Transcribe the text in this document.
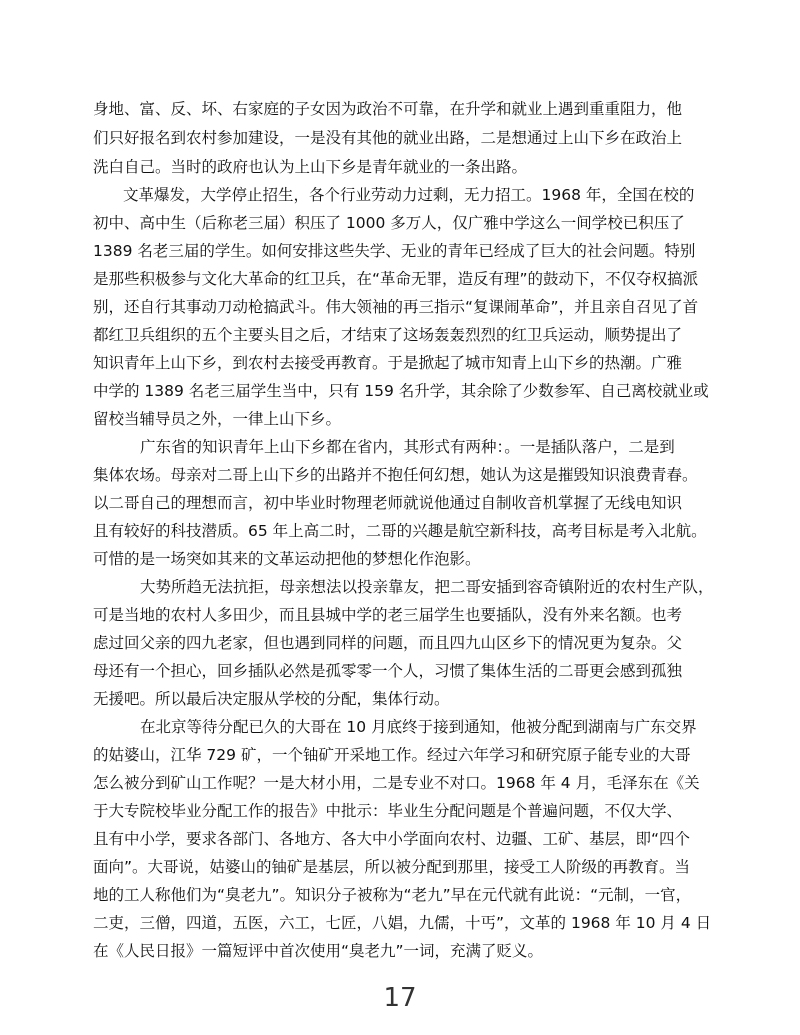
身地、富、反、坏、右家庭的子女因为政治不可靠，在升学和就业上遇到重重阻力，他
们只好报名到农村参加建设，一是没有其他的就业出路，二是想通过上山下乡在政治上
洗白自己。当时的政府也认为上山下乡是青年就业的一条出路。
文革爆发，大学停止招生，各个行业劳动力过剩，无力招工。1968 年，全国在校的
初中、高中生（后称老三届）积压了 1000 多万人，仅广雅中学这么一间学校已积压了
1389 名老三届的学生。如何安排这些失学、无业的青年已经成了巨大的社会问题。特别
是那些积极参与文化大革命的红卫兵，在“革命无罪，造反有理”的鼓动下，不仅夺权搞派
别，还自行其事动刀动枪搞武斗。伟大领袖的再三指示“复课闹革命”，并且亲自召见了首
都红卫兵组织的五个主要头目之后，才结束了这场轰轰烈烈的红卫兵运动，顺势提出了
知识青年上山下乡，到农村去接受再教育。于是掀起了城市知青上山下乡的热潮。广雅
中学的 1389 名老三届学生当中，只有 159 名升学，其余除了少数参军、自己离校就业或
留校当辅导员之外，一律上山下乡。
广东省的知识青年上山下乡都在省内，其形式有两种：。一是插队落户，二是到
集体农场。母亲对二哥上山下乡的出路并不抱任何幻想，她认为这是摧毁知识浪费青春。
以二哥自己的理想而言，初中毕业时物理老师就说他通过自制收音机掌握了无线电知识
且有较好的科技潜质。65 年上高二时，二哥的兴趣是航空新科技，高考目标是考入北航。
可惜的是一场突如其来的文革运动把他的梦想化作泡影。
大势所趋无法抗拒，母亲想法以投亲靠友，把二哥安插到容奇镇附近的农村生产队，
可是当地的农村人多田少，而且县城中学的老三届学生也要插队，没有外来名额。也考
虑过回父亲的四九老家，但也遇到同样的问题，而且四九山区乡下的情况更为复杂。父
母还有一个担心，回乡插队必然是孤零零一个人，习惯了集体生活的二哥更会感到孤独
无援吧。所以最后决定服从学校的分配，集体行动。
在北京等待分配已久的大哥在 10 月底终于接到通知，他被分配到湖南与广东交界
的姑婆山，江华 729 矿，一个铀矿开采地工作。经过六年学习和研究原子能专业的大哥
怎么被分到矿山工作呢？一是大材小用，二是专业不对口。1968 年 4 月，毛泽东在《关
于大专院校毕业分配工作的报告》中批示：毕业生分配问题是个普遍问题，不仅大学、
且有中小学，要求各部门、各地方、各大中小学面向农村、边疆、工矿、基层，即“四个
面向”。大哥说，姑婆山的铀矿是基层，所以被分配到那里，接受工人阶级的再教育。当
地的工人称他们为“臭老九”。知识分子被称为“老九”早在元代就有此说：“元制，一官，
二吏，三僧，四道，五医，六工，七匠，八娼，九儒，十丐”，文革的 1968 年 10 月 4 日
在《人民日报》一篇短评中首次使用“臭老九”一词，充满了贬义。
17
